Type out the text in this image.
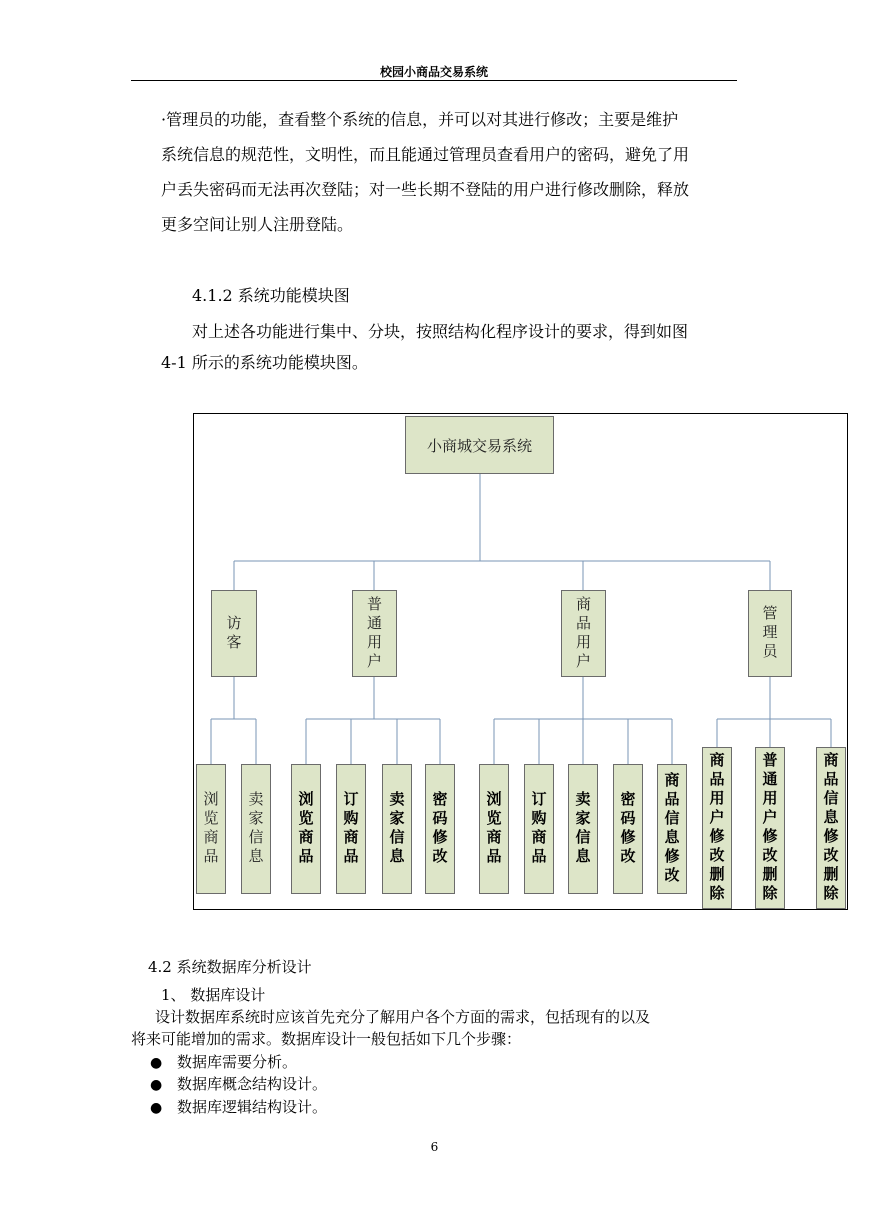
校园小商品交易系统
·管理员的功能，查看整个系统的信息，并可以对其进行修改；主要是维护
系统信息的规范性，文明性，而且能通过管理员查看用户的密码，避免了用
户丢失密码而无法再次登陆；对一些长期不登陆的用户进行修改删除，释放
更多空间让别人注册登陆。
4.1.2 系统功能模块图
对上述各功能进行集中、分块，按照结构化程序设计的要求，得到如图
4-1 所示的系统功能模块图。
小商城交易系统
访客	普通用户	商品用户	管理员
浏览商品	卖家信息	浏览商品	订购商品	卖家信息	密码修改	浏览商品	订购商品	卖家信息	密码修改	商品信息修改	商品用户修改删除	普通用户修改删除	商品信息修改删除
4.2 系统数据库分析设计
1、 数据库设计
设计数据库系统时应该首先充分了解用户各个方面的需求，包括现有的以及
将来可能增加的需求。数据库设计一般包括如下几个步骤：
● 数据库需要分析。
● 数据库概念结构设计。
● 数据库逻辑结构设计。
6
